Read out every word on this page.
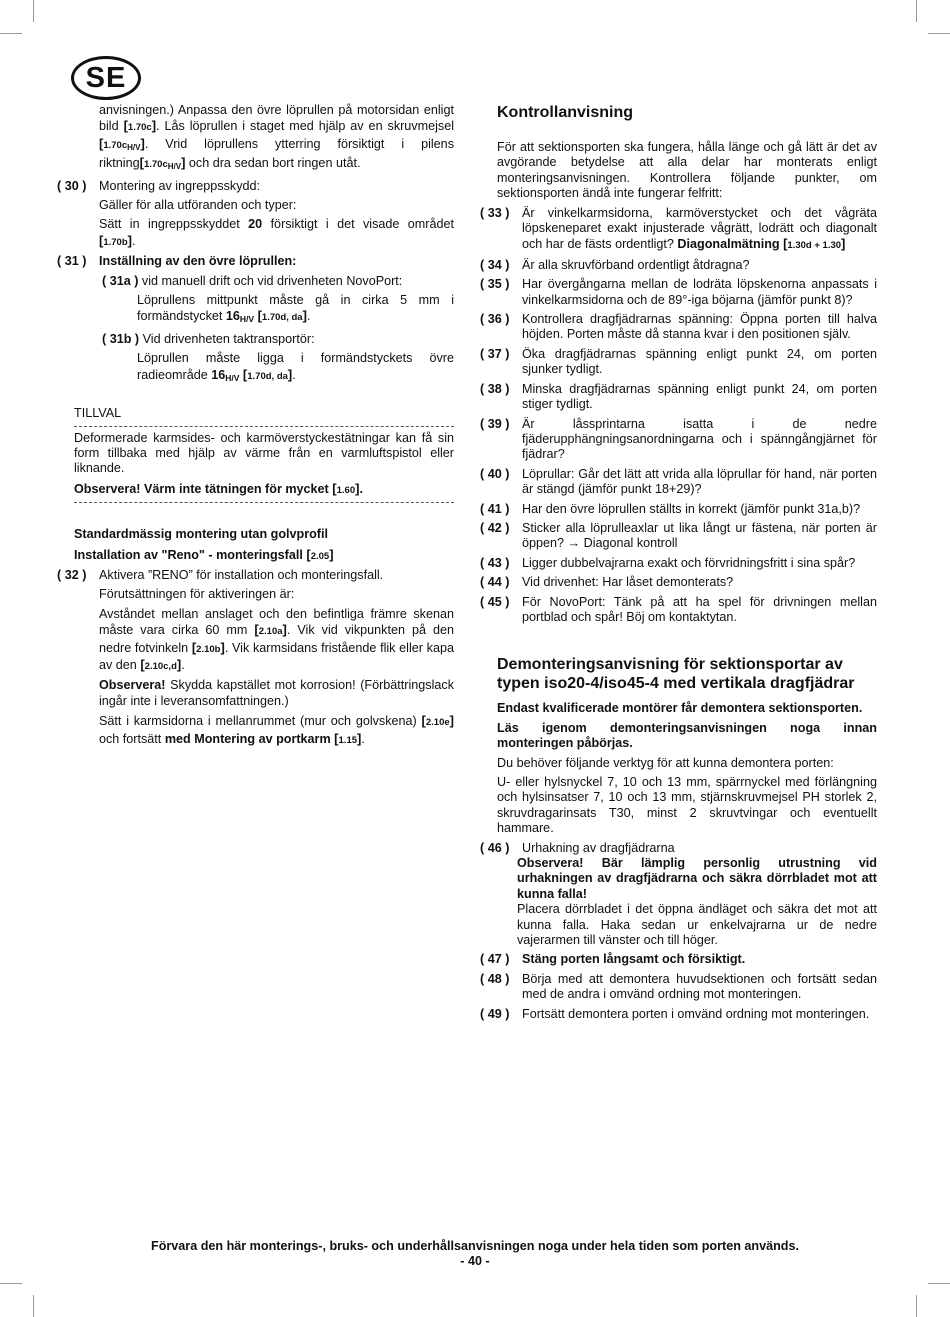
SE
anvisningen.) Anpassa den övre löprullen på motorsidan enligt bild [1.70c]. Lås löprullen i staget med hjälp av en skruvmejsel $[1.70c_{H/V}]$. Vrid löprullens ytterring försiktigt i pilens $riktning[1.70c_{H/V}]$ och dra sedan bort ringen utåt.
( 30 ) Montering av ingreppsskydd:
Gäller för alla utföranden och typer:
Sätt in ingreppsskyddet 20 försiktigt i det visade området [1.70b].
( 31 ) Inställning av den övre löprullen:
( 31a ) vid manuell drift och vid drivenheten NovoPort:
Löprullens mittpunkt måste gå in cirka 5 mm i formändstycket 16H/V [1.70d, da].
( 31b ) Vid drivenheten taktransportör:
Löprullen måste ligga i formändstyckets övre radieområde 16H/V [1.70d, da].
TILLVAL
Deformerade karmsides- och karmöverstyckestätningar kan få sin form tillbaka med hjälp av värme från en varmluftspistol eller liknande.
Observera! Värm inte tätningen för mycket [1.60].
Standardmässig montering utan golvprofil
Installation av "Reno" - monteringsfall [2.05]
( 32 ) Aktivera ”RENO” för installation och monteringsfall.
Förutsättningen för aktiveringen är:
Avståndet mellan anslaget och den befintliga främre skenan måste vara cirka 60 mm [2.10a]. Vik vid vikpunkten på den nedre fotvinkeln [2.10b]. Vik karmsidans fristående flik eller kapa av den [2.10c,d].
Observera! Skydda kapstället mot korrosion! (Förbättringslack ingår inte i leveransomfattningen.)
Sätt i karmsidorna i mellanrummet (mur och golvskena) [2.10e] och fortsätt med Montering av portkarm [1.15].
Kontrollanvisning
För att sektionsporten ska fungera, hålla länge och gå lätt är det av avgörande betydelse att alla delar har monterats enligt monteringsanvisningen. Kontrollera följande punkter, om sektionsporten ändå inte fungerar felfritt:
( 33 ) Är vinkelkarmsidorna, karmöverstycket och det vågräta löpskeneparet exakt injusterade vågrätt, lodrätt och diagonalt och har de fästs ordentligt? Diagonalmätning [1.30d + 1.30]
( 34 ) Är alla skruvförband ordentligt åtdragna?
( 35 ) Har övergångarna mellan de lodräta löpskenorna anpassats i vinkelkarmsidorna och de 89°-iga böjarna (jämför punkt 8)?
( 36 ) Kontrollera dragfjädrarnas spänning: Öppna porten till halva höjden. Porten måste då stanna kvar i den positionen själv.
( 37 ) Öka dragfjädrarnas spänning enligt punkt 24, om porten sjunker tydligt.
( 38 ) Minska dragfjädrarnas spänning enligt punkt 24, om porten stiger tydligt.
( 39 ) Är låssprintarna isatta i de nedre fjäderupphängningsanordningarna och i spänngångjärnet för fjädrar?
( 40 ) Löprullar: Går det lätt att vrida alla löprullar för hand, när porten är stängd (jämför punkt 18+29)?
( 41 ) Har den övre löprullen ställts in korrekt (jämför punkt 31a,b)?
( 42 ) Sticker alla löprulleaxlar ut lika långt ur fästena, när porten är öppen? → Diagonal kontroll
( 43 ) Ligger dubbelvajrarna exakt och förvridningsfritt i sina spår?
( 44 ) Vid drivenhet: Har låset demonterats?
( 45 ) För NovoPort: Tänk på att ha spel för drivningen mellan portblad och spår! Böj om kontaktytan.
Demonteringsanvisning för sektionsportar av typen iso20-4/iso45-4 med vertikala dragfjädrar
Endast kvalificerade montörer får demontera sektionsporten.
Läs igenom demonteringsanvisningen noga innan monteringen påbörjas.
Du behöver följande verktyg för att kunna demontera porten:
U- eller hylsnyckel 7, 10 och 13 mm, spärrnyckel med förlängning och hylsinsatser 7, 10 och 13 mm, stjärnskruvmejsel PH storlek 2, skruvdragarinsats T30, minst 2 skruvtvingar och eventuellt hammare.
( 46 ) Urhakning av dragfjädrarna
Observera! Bär lämplig personlig utrustning vid urhakningen av dragfjädrarna och säkra dörrbladet mot att kunna falla!
Placera dörrbladet i det öppna ändläget och säkra det mot att kunna falla. Haka sedan ur enkelvajrarna ur de nedre vajerarmen till vänster och till höger.
( 47 ) Stäng porten långsamt och försiktigt.
( 48 ) Börja med att demontera huvudsektionen och fortsätt sedan med de andra i omvänd ordning mot monteringen.
( 49 ) Fortsätt demontera porten i omvänd ordning mot monteringen.
Förvara den här monterings-, bruks- och underhållsanvisningen noga under hela tiden som porten används.
- 40 -
